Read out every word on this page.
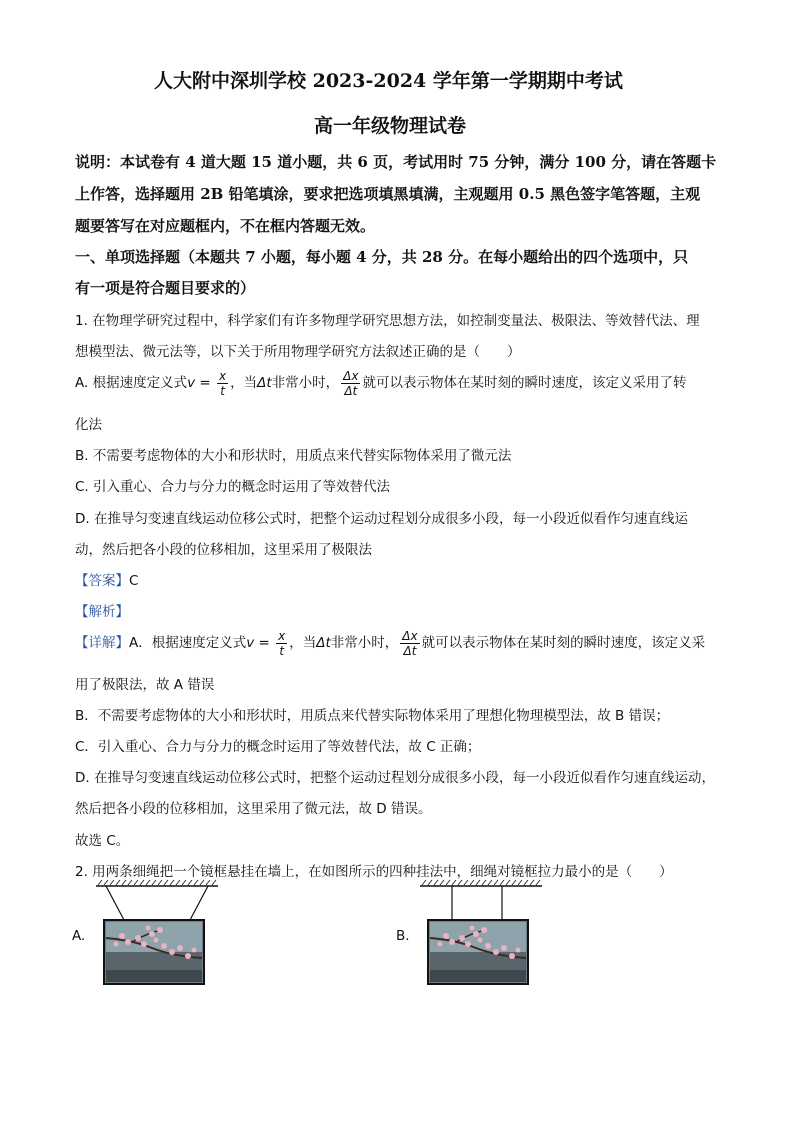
人大附中深圳学校 2023-2024 学年第一学期期中考试
高一年级物理试卷
说明：本试卷有 4 道大题 15 道小题，共 6 页，考试用时 75 分钟，满分 100 分，请在答题卡
上作答，选择题用 2B 铅笔填涂，要求把选项填黑填满，主观题用 0.5 黑色签字笔答题，主观
题要答写在对应题框内，不在框内答题无效。
一、单项选择题（本题共 7 小题，每小题 4 分，共 28 分。在每小题给出的四个选项中，只
有一项是符合题目要求的）
1. 在物理学研究过程中，科学家们有许多物理学研究思想方法，如控制变量法、极限法、等效替代法、理
想模型法、微元法等，以下关于所用物理学研究方法叙述正确的是（　　）
A. 根据速度定义式$v = \frac{x}{t}$ ，当Δt非常小时， $\frac{\Delta x}{\Delta t}$ 就可以表示物体在某时刻的瞬时速度，该定义采用了转
化法
B. 不需要考虑物体的大小和形状时，用质点来代替实际物体采用了微元法
C. 引入重心、合力与分力的概念时运用了等效替代法
D. 在推导匀变速直线运动位移公式时，把整个运动过程划分成很多小段，每一小段近似看作匀速直线运
动，然后把各小段的位移相加，这里采用了极限法
【答案】C
【解析】
【详解】A．根据速度定义式$v = \frac{x}{t}$ ，当Δt非常小时， $\frac{\Delta x}{\Delta t}$ 就可以表示物体在某时刻的瞬时速度，该定义采
用了极限法，故 A 错误
B．不需要考虑物体的大小和形状时，用质点来代替实际物体采用了理想化物理模型法，故 B 错误；
C．引入重心、合力与分力的概念时运用了等效替代法，故 C 正确；
D. 在推导匀变速直线运动位移公式时，把整个运动过程划分成很多小段，每一小段近似看作匀速直线运动，
然后把各小段的位移相加，这里采用了微元法，故 D 错误。
故选 C。
2. 用两条细绳把一个镜框悬挂在墙上，在如图所示的四种挂法中，细绳对镜框拉力最小的是（　　）
A.	B.
